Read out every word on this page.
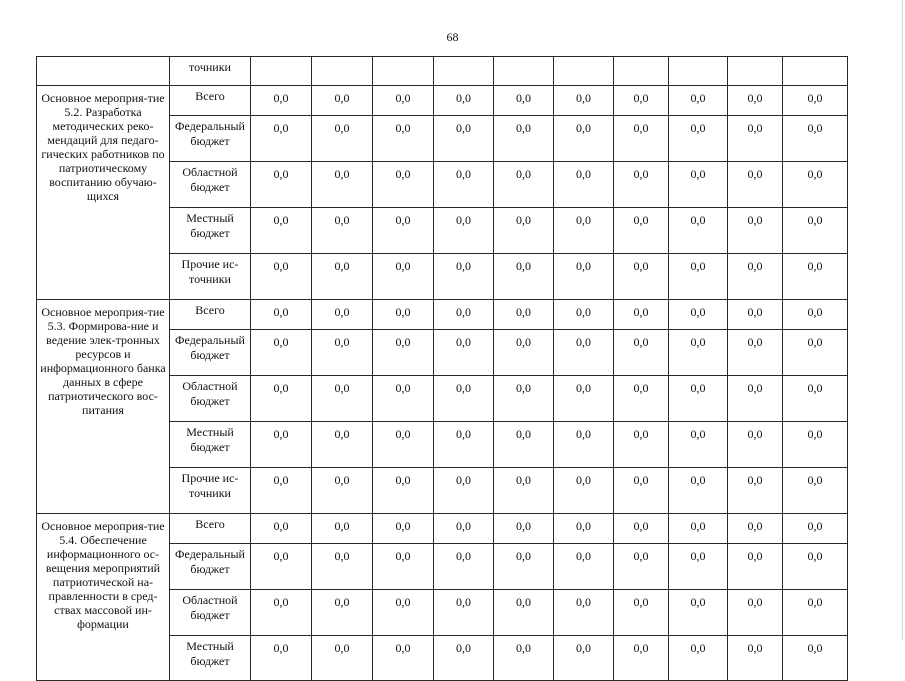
68
	точники										
Основное мероприя-тие 5.2. Разработка методических реко-мендаций для педаго-гических работников по патриотическому воспитанию обучаю-щихся	Всего	0,0	0,0	0,0	0,0	0,0	0,0	0,0	0,0	0,0	0,0
	Федеральный бюджет	0,0	0,0	0,0	0,0	0,0	0,0	0,0	0,0	0,0	0,0
	Областной бюджет	0,0	0,0	0,0	0,0	0,0	0,0	0,0	0,0	0,0	0,0
	Местный бюджет	0,0	0,0	0,0	0,0	0,0	0,0	0,0	0,0	0,0	0,0
	Прочие ис-точники	0,0	0,0	0,0	0,0	0,0	0,0	0,0	0,0	0,0	0,0
Основное мероприя-тие 5.3. Формирова-ние и ведение элек-тронных ресурсов и информационного банка данных в сфере патриотического вос-питания	Всего	0,0	0,0	0,0	0,0	0,0	0,0	0,0	0,0	0,0	0,0
	Федеральный бюджет	0,0	0,0	0,0	0,0	0,0	0,0	0,0	0,0	0,0	0,0
	Областной бюджет	0,0	0,0	0,0	0,0	0,0	0,0	0,0	0,0	0,0	0,0
	Местный бюджет	0,0	0,0	0,0	0,0	0,0	0,0	0,0	0,0	0,0	0,0
	Прочие ис-точники	0,0	0,0	0,0	0,0	0,0	0,0	0,0	0,0	0,0	0,0
Основное мероприя-тие 5.4. Обеспечение информационного ос-вещения мероприятий патриотической на-правленности в сред-ствах массовой ин-формации	Всего	0,0	0,0	0,0	0,0	0,0	0,0	0,0	0,0	0,0	0,0
	Федеральный бюджет	0,0	0,0	0,0	0,0	0,0	0,0	0,0	0,0	0,0	0,0
	Областной бюджет	0,0	0,0	0,0	0,0	0,0	0,0	0,0	0,0	0,0	0,0
	Местный бюджет	0,0	0,0	0,0	0,0	0,0	0,0	0,0	0,0	0,0	0,0
